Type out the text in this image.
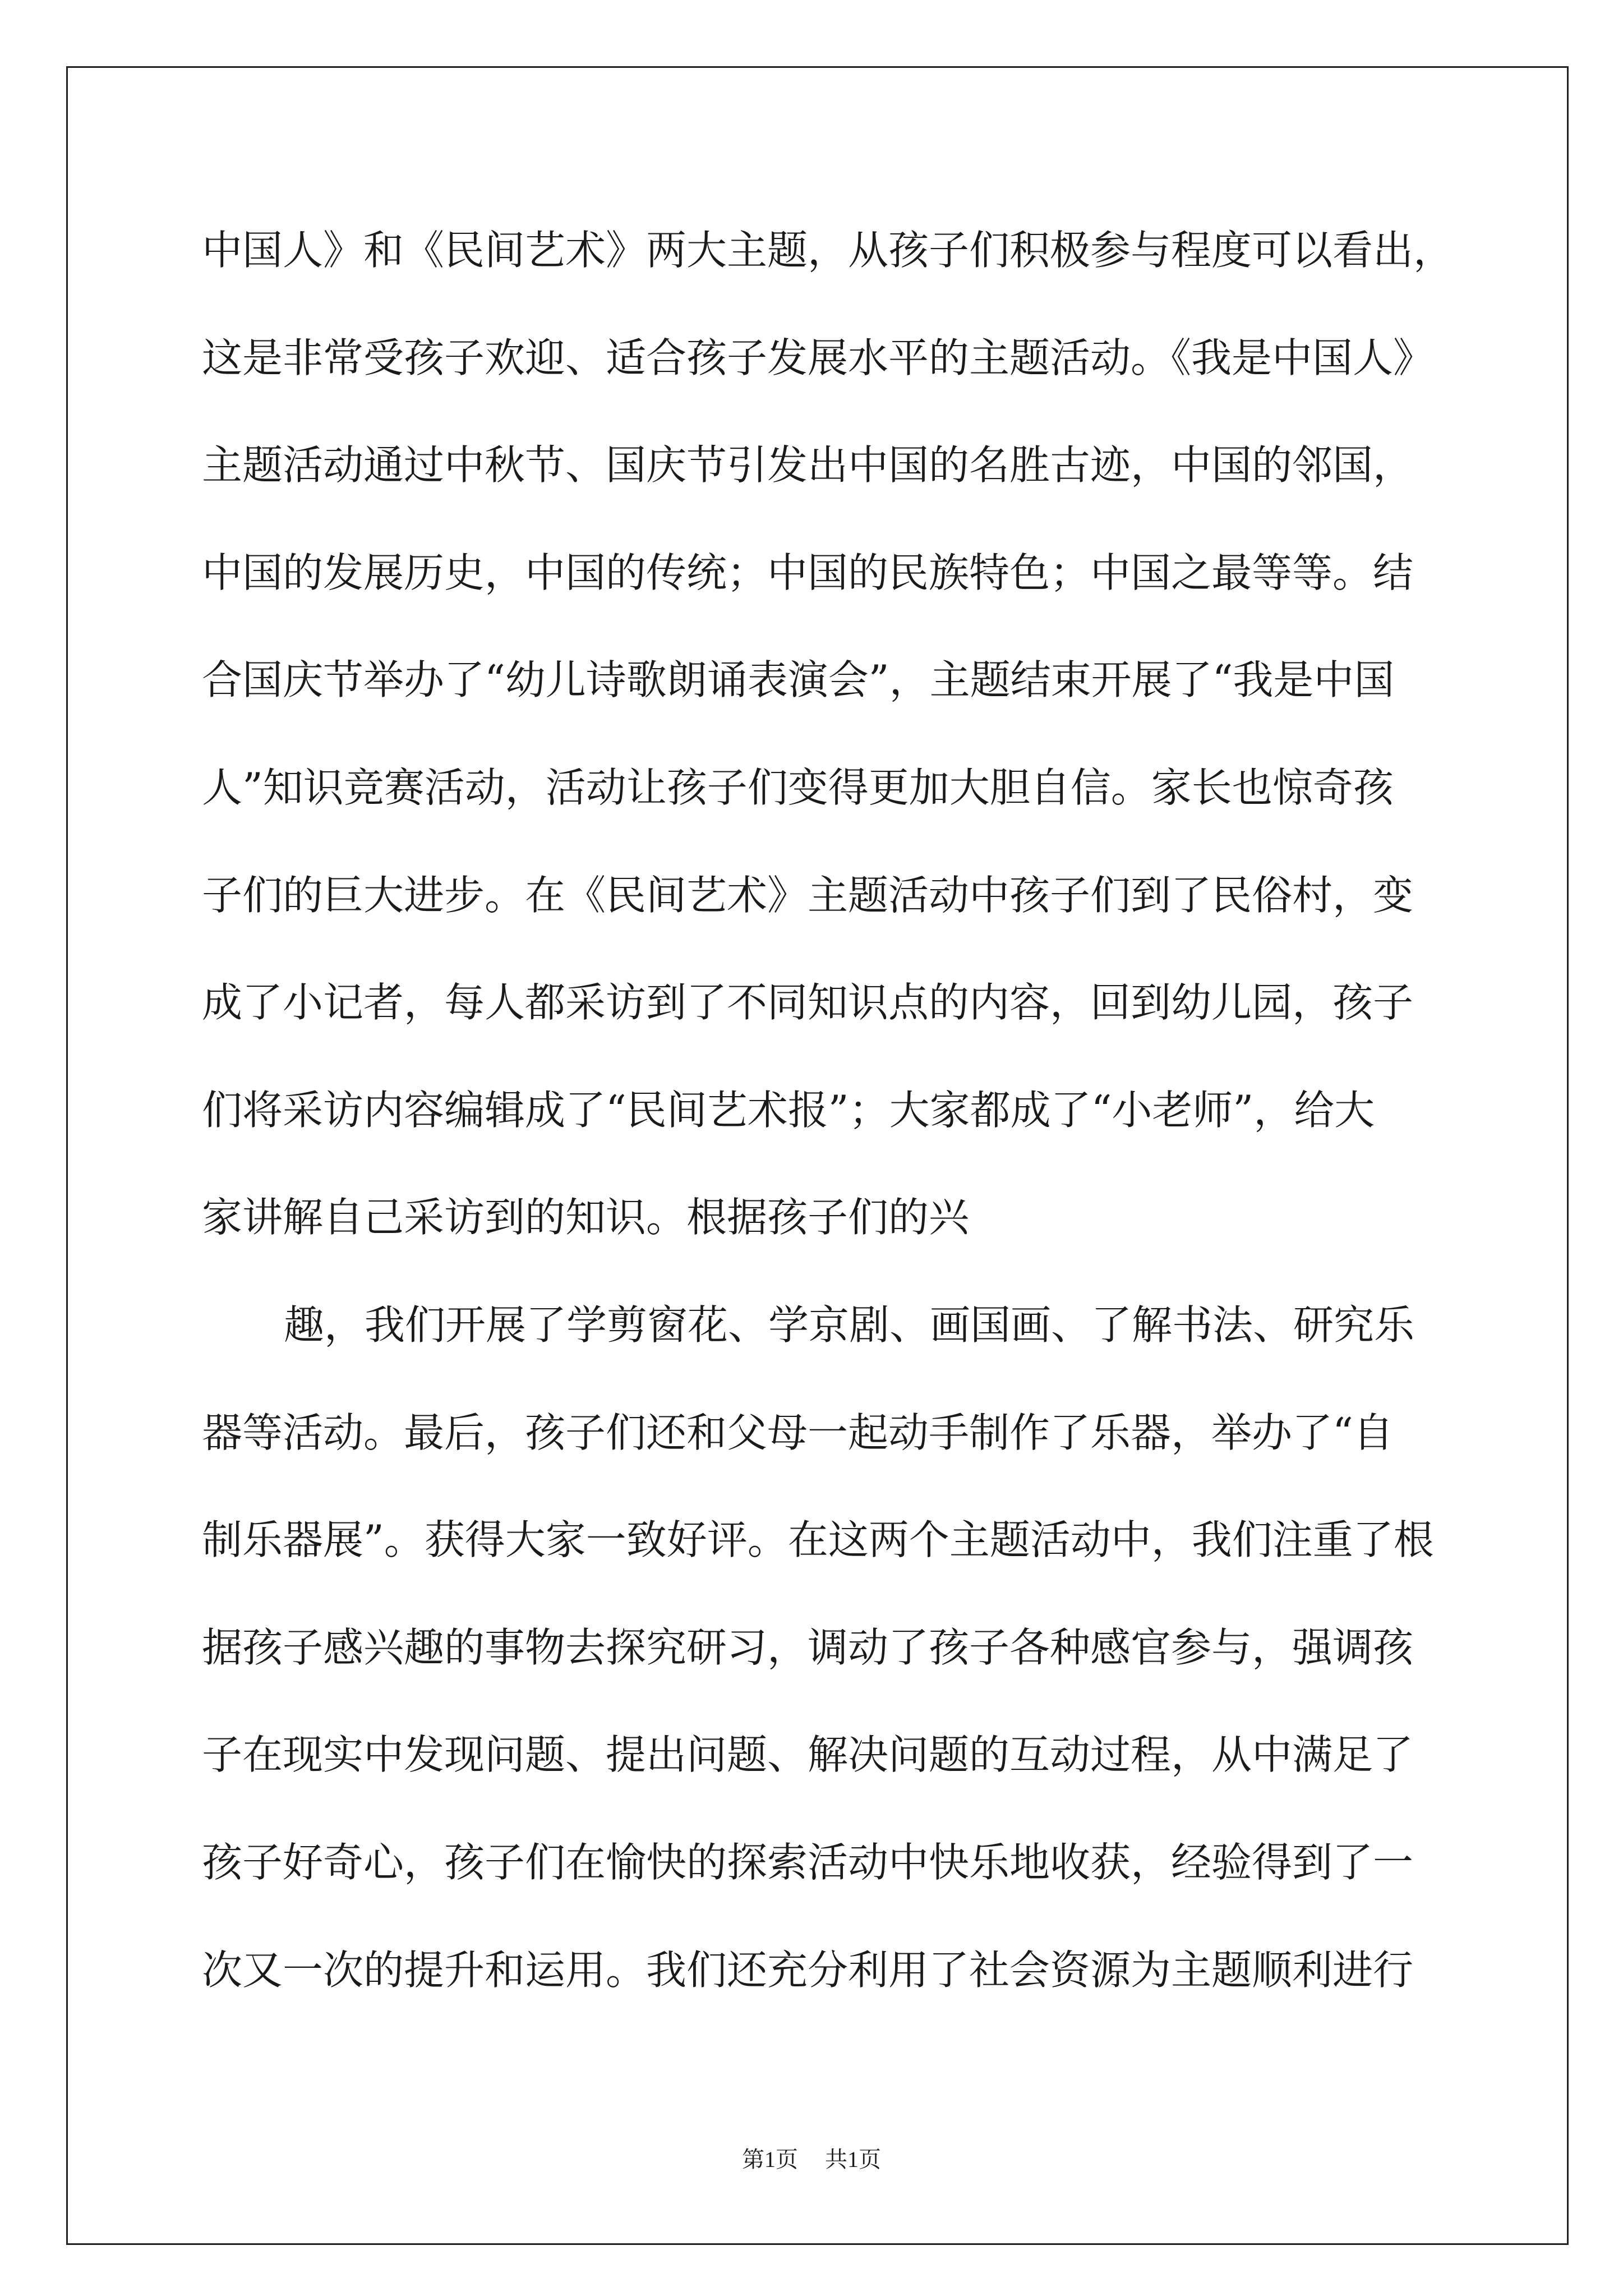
中国人》和《民间艺术》两大主题，从孩子们积极参与程度可以看出，
这是非常受孩子欢迎、适合孩子发展水平的主题活动。《我是中国人》
主题活动通过中秋节、国庆节引发出中国的名胜古迹，中国的邻国，
中国的发展历史，中国的传统；中国的民族特色；中国之最等等。结
合国庆节举办了“幼儿诗歌朗诵表演会”，主题结束开展了“我是中国
人”知识竞赛活动，活动让孩子们变得更加大胆自信。家长也惊奇孩
子们的巨大进步。在《民间艺术》主题活动中孩子们到了民俗村，变
成了小记者，每人都采访到了不同知识点的内容，回到幼儿园，孩子
们将采访内容编辑成了“民间艺术报”；大家都成了“小老师”，给大
家讲解自己采访到的知识。根据孩子们的兴
趣，我们开展了学剪窗花、学京剧、画国画、了解书法、研究乐
器等活动。最后，孩子们还和父母一起动手制作了乐器，举办了“自
制乐器展”。获得大家一致好评。在这两个主题活动中，我们注重了根
据孩子感兴趣的事物去探究研习，调动了孩子各种感官参与，强调孩
子在现实中发现问题、提出问题、解决问题的互动过程，从中满足了
孩子好奇心，孩子们在愉快的探索活动中快乐地收获，经验得到了一
次又一次的提升和运用。我们还充分利用了社会资源为主题顺利进行
第1页 共1页
